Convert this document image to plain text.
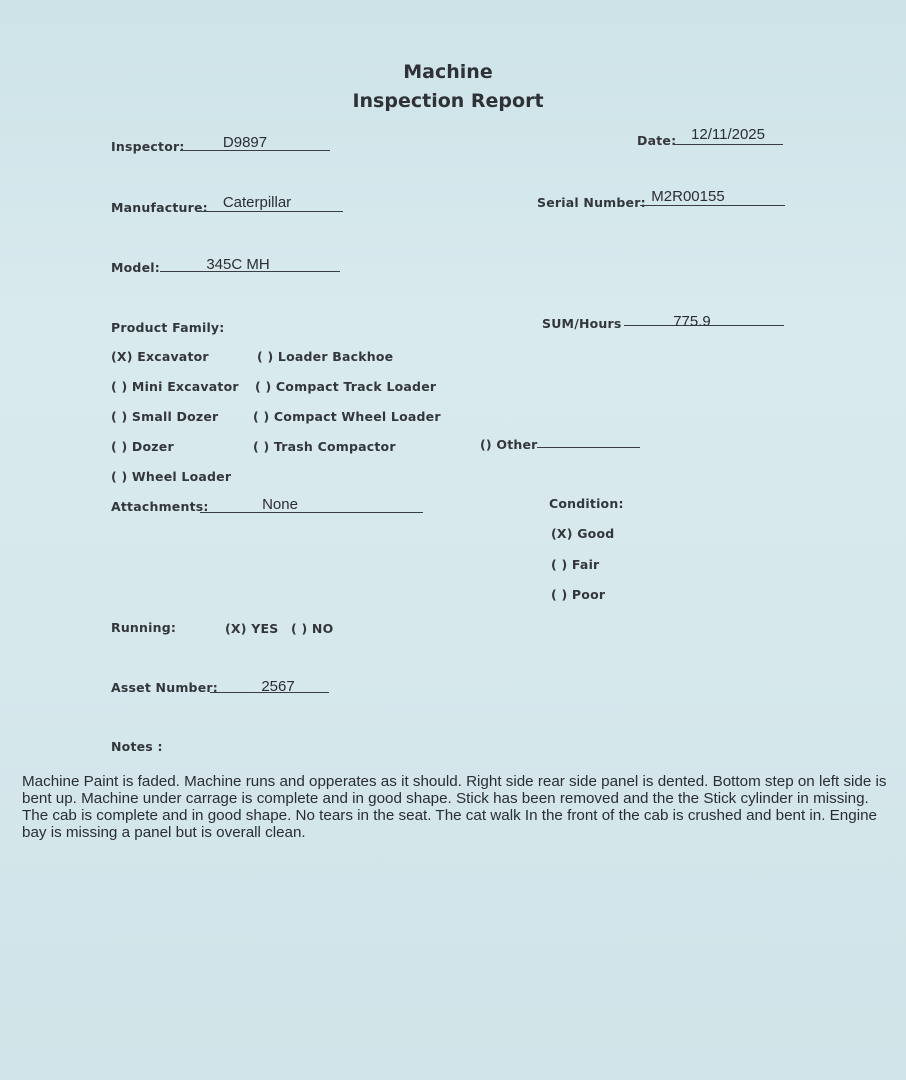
Machine
Inspection Report
Inspector:	D9897	Date: 12/11/2025
Manufacture: Caterpillar	Serial Number: M2R00155
Model:	345C MH
SUM/Hours	775.9
Product Family:
(X) Excavator
( ) Mini Excavator
( ) Small Dozer
( ) Dozer
( ) Wheel Loader
( ) Loader Backhoe
( ) Compact Track Loader
( ) Compact Wheel Loader
( ) Trash Compactor	() Other
Attachments:	None	Condition:
(X) Good
( ) Fair
( ) Poor
Running:	(X) YES ( ) NO
Asset Number:	2567
Notes :
Machine Paint is faded. Machine runs and opperates as it should. Right side rear side panel is dented. Bottom step on left side is bent up. Machine under carrage is complete and in good shape. Stick has been removed and the the Stick cylinder in missing. The cab is complete and in good shape. No tears in the seat. The cat walk In the front of the cab is crushed and bent in. Engine bay is missing a panel but is overall clean.
